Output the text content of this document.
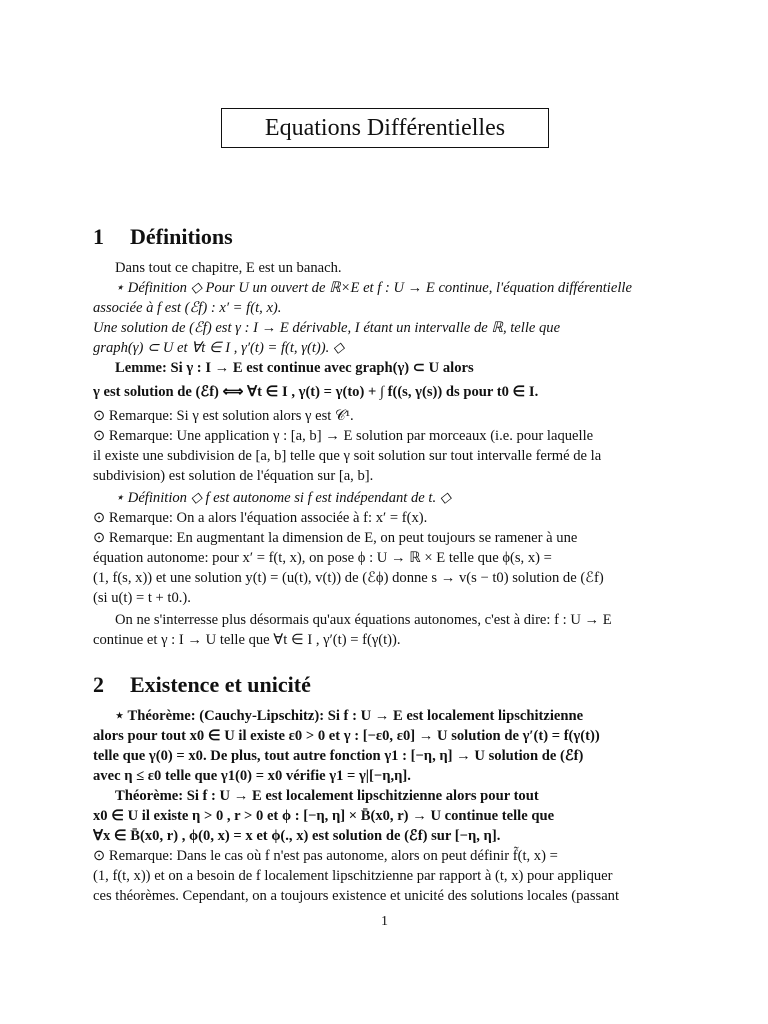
Equations Différentielles
1 Définitions
Dans tout ce chapitre, E est un banach.
⋆ Définition ◇ Pour U un ouvert de ℝ×E et f : U → E continue, l'équation différentielle
associée à f est (ℰf) : x′ = f(t, x).
Une solution de (ℰf) est γ : I → E dérivable, I étant un intervalle de ℝ, telle que
graph(γ) ⊂ U et ∀t ∈ I , γ′(t) = f(t, γ(t)). ◇
Lemme: Si γ : I → E est continue avec graph(γ) ⊂ U alors
γ est solution de (ℰf) ⟺ ∀t ∈ I , γ(t) = γ(to) + ∫ f((s, γ(s)) ds pour t0 ∈ I.
⊙ Remarque: Si γ est solution alors γ est 𝒞¹.
⊙ Remarque: Une application γ : [a, b] → E solution par morceaux (i.e. pour laquelle
il existe une subdivision de [a, b] telle que γ soit solution sur tout intervalle fermé de la
subdivision) est solution de l'équation sur [a, b].
⋆ Définition ◇ f est autonome si f est indépendant de t. ◇
⊙ Remarque: On a alors l'équation associée à f: x′ = f(x).
⊙ Remarque: En augmentant la dimension de E, on peut toujours se ramener à une
équation autonome: pour x′ = f(t, x), on pose ϕ : U → ℝ × E telle que ϕ(s, x) =
(1, f(s, x)) et une solution y(t) = (u(t), v(t)) de (ℰϕ) donne s → v(s − t0) solution de (ℰf)
(si u(t) = t + t0.).
On ne s'interresse plus désormais qu'aux équations autonomes, c'est à dire: f : U → E
continue et γ : I → U telle que ∀t ∈ I , γ′(t) = f(γ(t)).
2 Existence et unicité
⋆ Théorème: (Cauchy-Lipschitz): Si f : U → E est localement lipschitzienne
alors pour tout x0 ∈ U il existe ε0 > 0 et γ : [−ε0, ε0] → U solution de γ′(t) = f(γ(t))
telle que γ(0) = x0. De plus, tout autre fonction γ1 : [−η, η] → U solution de (ℰf)
avec η ≤ ε0 telle que γ1(0) = x0 vérifie γ1 = γ|[−η,η].
Théorème: Si f : U → E est localement lipschitzienne alors pour tout
x0 ∈ U il existe η > 0 , r > 0 et ϕ : [−η, η] × B̄(x0, r) → U continue telle que
∀x ∈ B̄(x0, r) , ϕ(0, x) = x et ϕ(., x) est solution de (ℰf) sur [−η, η].
⊙ Remarque: Dans le cas où f n'est pas autonome, alors on peut définir f̃(t, x) =
(1, f(t, x)) et on a besoin de f localement lipschitzienne par rapport à (t, x) pour appliquer
ces théorèmes. Cependant, on a toujours existence et unicité des solutions locales (passant
1
